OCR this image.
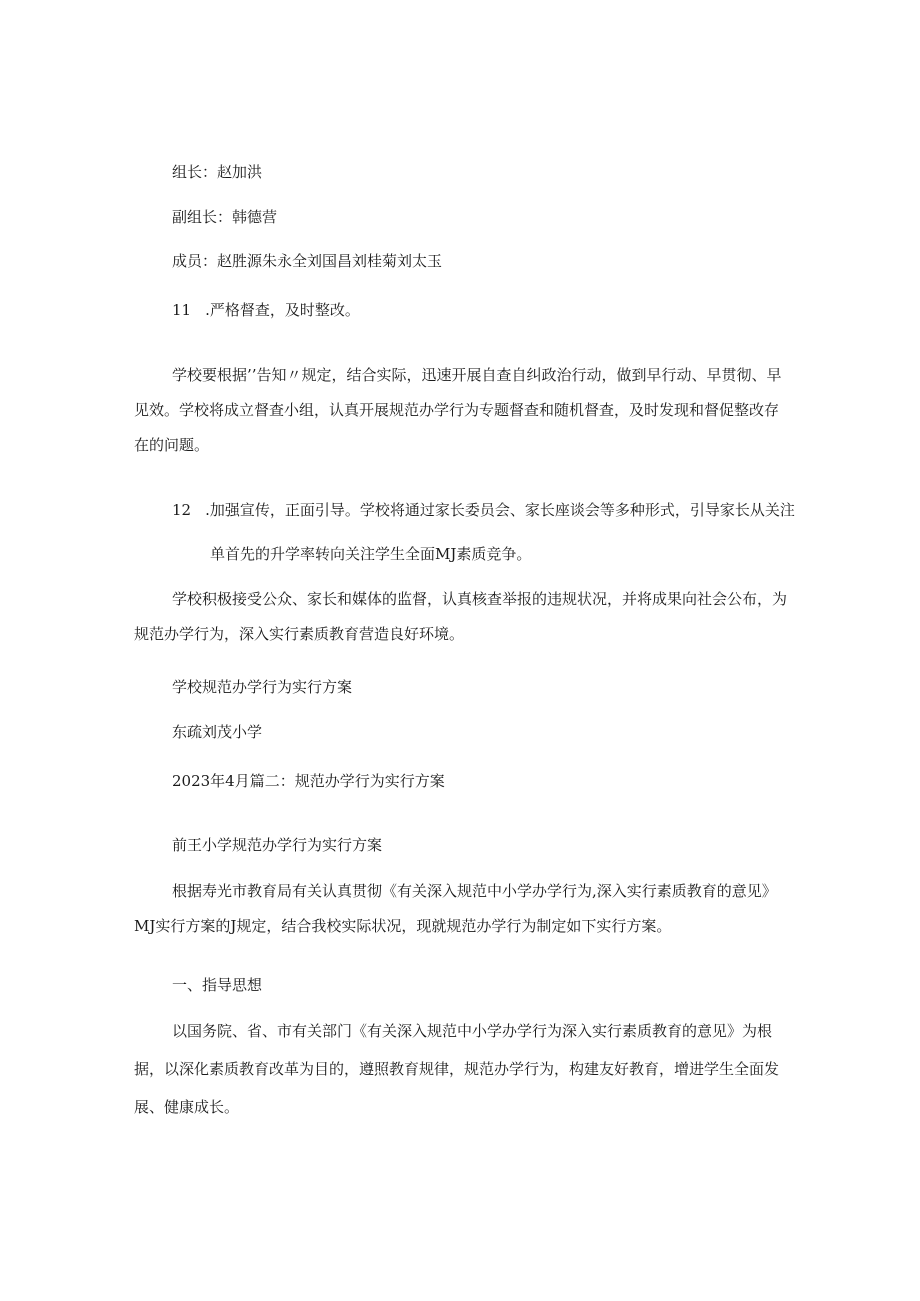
组长：赵加洪
副组长：韩德营
成员：赵胜源朱永全刘国昌刘桂菊刘太玉
11 .严格督查，及时整改。
学校要根据’’告知〃规定，结合实际，迅速开展自查自纠政治行动，做到早行动、早贯彻、早见效。学校将成立督查小组，认真开展规范办学行为专题督查和随机督查，及时发现和督促整改存在的问题。
12 .加强宣传，正面引导。学校将通过家长委员会、家长座谈会等多种形式，引导家长从关注
单首先的升学率转向关注学生全面MJ素质竞争。
学校积极接受公众、家长和媒体的监督，认真核查举报的违规状况，并将成果向社会公布，为规范办学行为，深入实行素质教育营造良好环境。
学校规范办学行为实行方案
东疏刘茂小学
2023年4月篇二：规范办学行为实行方案
前王小学规范办学行为实行方案
根据寿光市教育局有关认真贯彻《有关深入规范中小学办学行为,深入实行素质教育的意见》MJ实行方案的J规定，结合我校实际状况，现就规范办学行为制定如下实行方案。
一、指导思想
以国务院、省、市有关部门《有关深入规范中小学办学行为深入实行素质教育的意见》为根据，以深化素质教育改革为目的，遵照教育规律，规范办学行为，构建友好教育，增进学生全面发展、健康成长。
